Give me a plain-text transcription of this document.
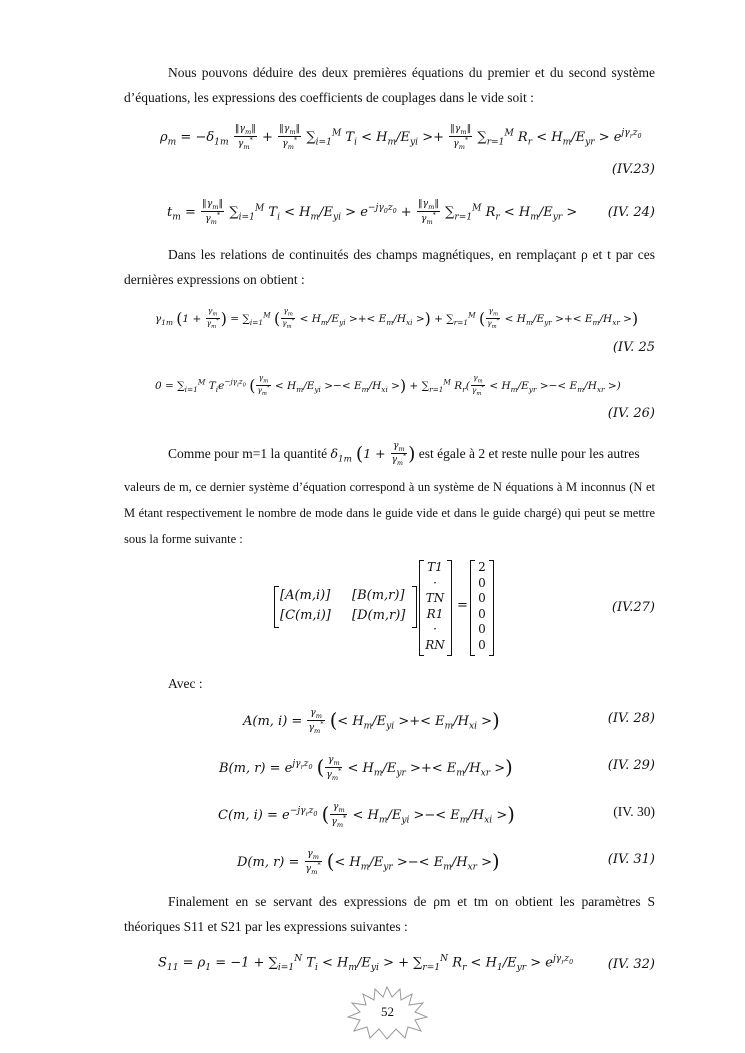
Nous pouvons déduire des deux premières équations du premier et du second système d’équations, les expressions des coefficients de couplages dans le vide soit :
$\rho_m = -\delta_{1m} \frac{‖\gamma_m‖}{\gamma_m^*} + \frac{‖\gamma_m‖}{\gamma_m^*} \sum_{i=1}^M$ $T_i < H_m/E_{yi} >+ \frac{‖\gamma_m‖}{\gamma_m^*} \sum_{r=1}^M$ $R_r < H_m/E_{yr} > e^{j\gamma_rz_0}$
(IV.23)
$t_m = \frac{‖\gamma_m‖}{\gamma_m^*} \sum_{i=1}^M$ $T_i < H_m/E_{yi} > e^{-j\gamma_0z_0} + \frac{‖\gamma_m‖}{\gamma_m^*} \sum_{r=1}^M$ $R_r < H_m/E_{yr} > (IV$. 24)
Dans les relations de continuités des champs magnétiques, en remplaçant ρ et t par ces dernières expressions on obtient :
$\gamma_{1m}$ ($1 + \frac{\gamma_m}{\gamma_m^*}$ ) = $\sum_{i=1}^M$ ( $\frac{\gamma_m}{\gamma_m^*} < H_m/E_{yi}$ >+< $E_m/H_{xi}$ >) + $\sum_{r=1}^M$ ( $\frac{\gamma_m}{\gamma_m^*} < H_m/E_{yr}$ >+< $E_m/H_{xr}$ >)
(IV. 25
$0 = \sum_{i=1}^M$ $T_ie^{-j\gamma_iz_0}$ ( $\frac{\gamma_m}{\gamma_m^*} < H_m/E_{yi}$ >−< $E_m/H_{xi}$ >) + $\sum_{r=1}^M$ $R_r( \frac{\gamma_m}{\gamma_m^*} < H_m/E_{yr}$ >−< $E_m/H_{xr}$ >)
(IV. 26)
Comme pour m=1 la quantité $\delta_{1m}$ ($1 + \frac{\gamma_m}{\gamma_m^*}$ ) est égale à 2 et reste nulle pour les autres
valeurs de m, ce dernier système d’équation correspond à un système de N équations à M inconnus (N et M étant respectivement le nombre de mode dans le guide vide et dans le guide chargé) qui peut se mettre sous la forme suivante :
[A(m,i)] [B(m,r)]
[C(m,i)] [D(m,r)]
T1
·
TN
R1
·
RN
=
2
0
0
0
0
0
(IV.27)
Avec :
A(m, $i) = \frac{\gamma_m}{\gamma_m^*}$ (< $H_m/E_{yi}$ >+< $E_m/H_{xi}$ >)	(IV. 28)
B(m, $r) = e^{j\gamma_rz_0}$ ( $\frac{\gamma_m}{\gamma_m^*} < H_m/E_{yr}$ >+< $E_m/H_{xr}$ >)	(IV. 29)
C(m, $i) = e^{-j\gamma_rz_0}$ ( $\frac{\gamma_m}{\gamma_m^*} < H_m/E_{yi}$ >−< $E_m/H_{xi}$ >)	(IV. 30)
D(m, $r) = \frac{\gamma_m}{\gamma_m^*}$ (< $H_m/E_{yr}$ >−< $E_m/H_{xr}$ >)	(IV. 31)
Finalement en se servant des expressions de ρm et tm on obtient les paramètres S théoriques S11 et S21 par les expressions suivantes :
$S_{11} = \rho_1 = -1 + \sum_{i=1}^N$ $T_i < H_m/E_{yi}$ > + $\sum_{r=1}^N$ $R_r < H_1/E_{yr} > e^{j\gamma_rz_0}$	(IV. 32)
52
